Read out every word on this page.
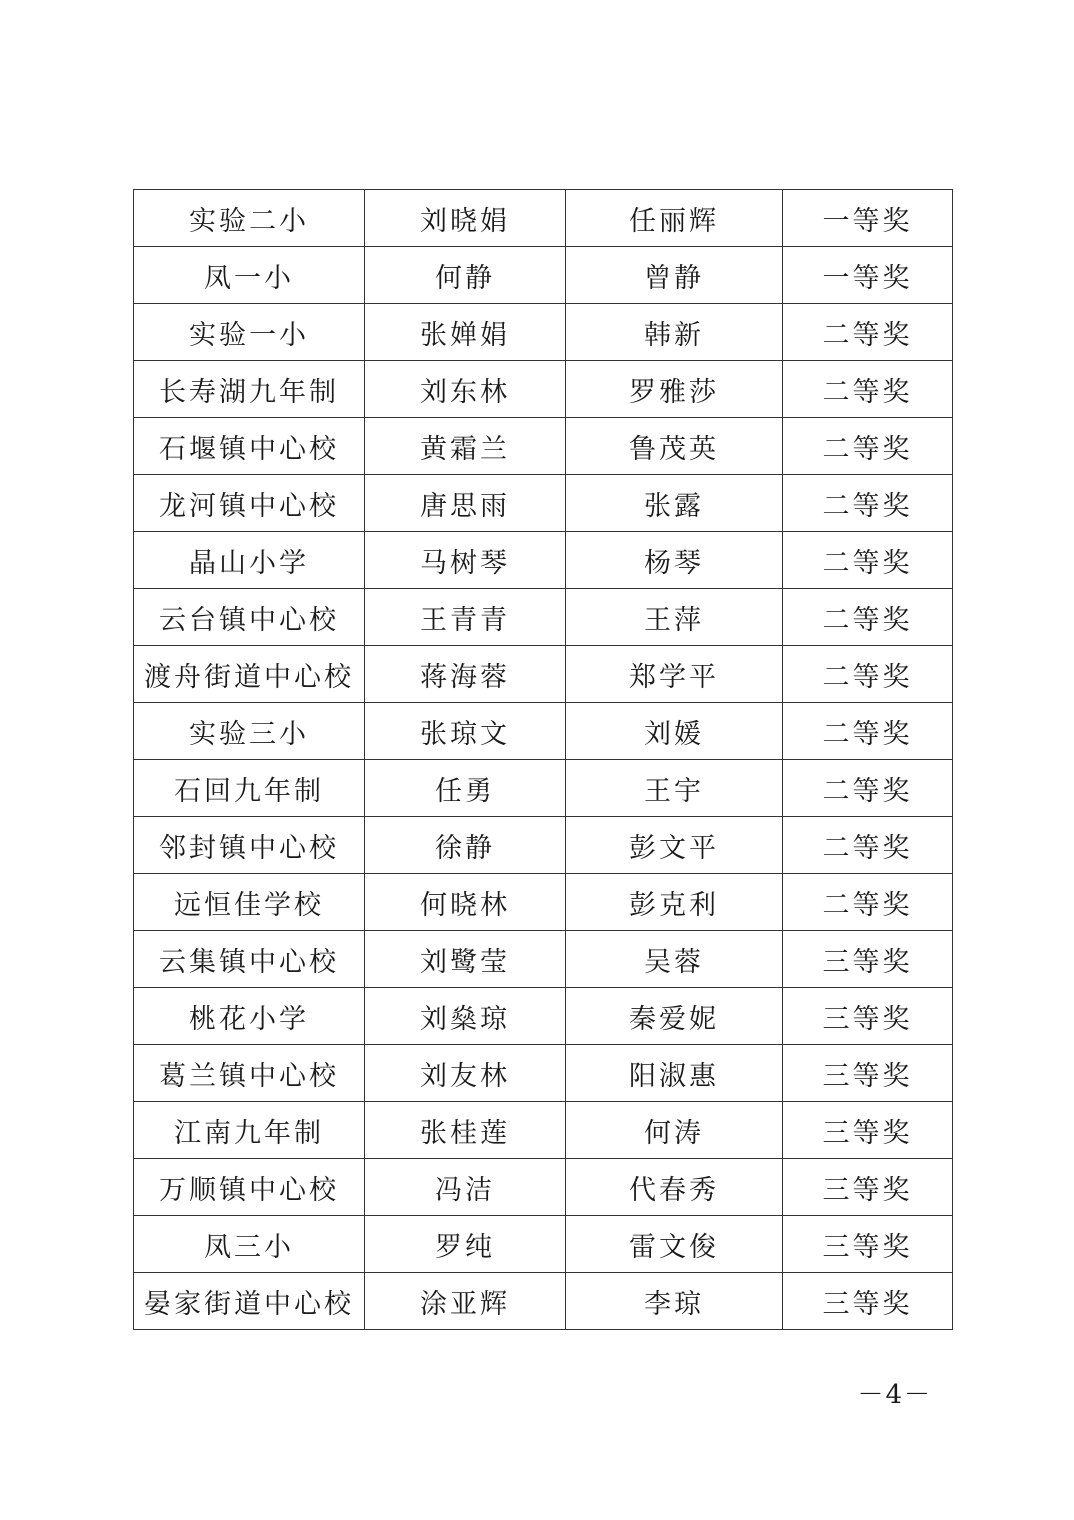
实验二小	刘晓娟	任丽辉	一等奖
凤一小	何静	曾静	一等奖
实验一小	张婵娟	韩新	二等奖
长寿湖九年制	刘东林	罗雅莎	二等奖
石堰镇中心校	黄霜兰	鲁茂英	二等奖
龙河镇中心校	唐思雨	张露	二等奖
晶山小学	马树琴	杨琴	二等奖
云台镇中心校	王青青	王萍	二等奖
渡舟街道中心校	蒋海蓉	郑学平	二等奖
实验三小	张琼文	刘媛	二等奖
石回九年制	任勇	王宇	二等奖
邻封镇中心校	徐静	彭文平	二等奖
远恒佳学校	何晓林	彭克利	二等奖
云集镇中心校	刘鹭莹	吴蓉	三等奖
桃花小学	刘燊琼	秦爱妮	三等奖
葛兰镇中心校	刘友林	阳淑惠	三等奖
江南九年制	张桂莲	何涛	三等奖
万顺镇中心校	冯洁	代春秀	三等奖
凤三小	罗纯	雷文俊	三等奖
晏家街道中心校	涂亚辉	李琼	三等奖
－4－
